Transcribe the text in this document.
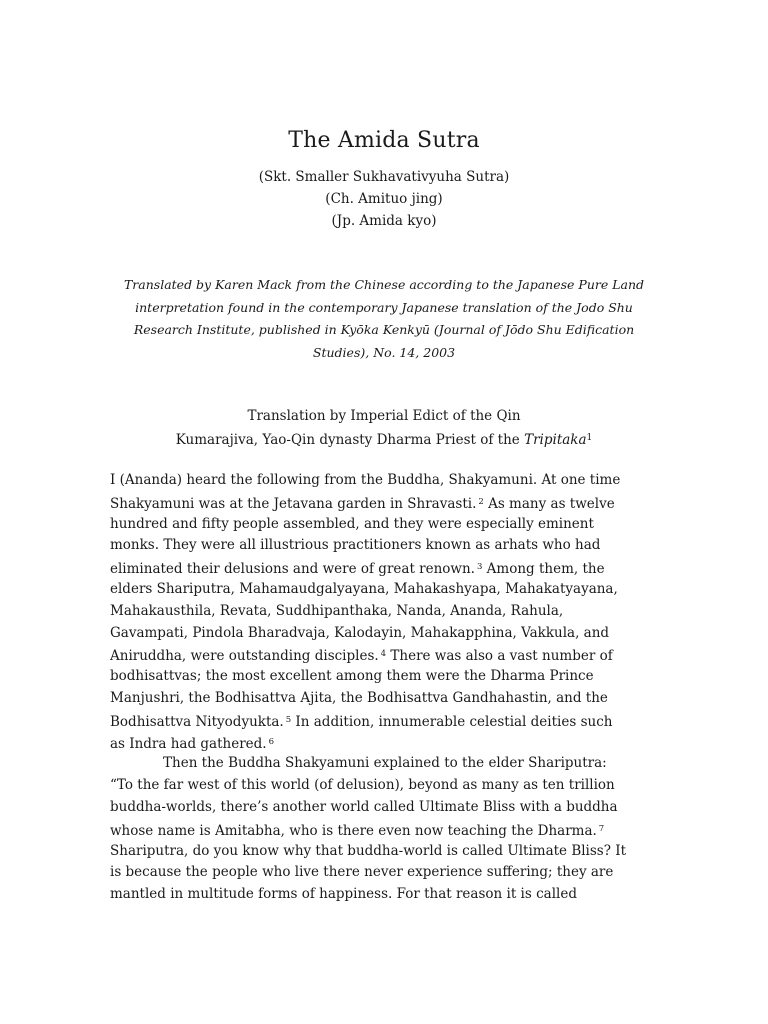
The Amida Sutra
(Skt. Smaller Sukhavativyuha Sutra)
(Ch. Amituo jing)
(Jp. Amida kyo)
Translated by Karen Mack from the Chinese according to the Japanese Pure Land
interpretation found in the contemporary Japanese translation of the Jodo Shu
Research Institute, published in Kyōka Kenkyū (Journal of Jōdo Shu Edification
Studies), No. 14, 2003
Translation by Imperial Edict of the Qin
Kumarajiva, Yao-Qin dynasty Dharma Priest of the Tripitaka$^1$
I (Ananda) heard the following from the Buddha, Shakyamuni. At one time
Shakyamuni was at the Jetavana garden in Shravasti. $^2$ As many as twelve
hundred and fifty people assembled, and they were especially eminent
monks. They were all illustrious practitioners known as arhats who had
eliminated their delusions and were of great renown. $^3$ Among them, the
elders Shariputra, Mahamaudgalyayana, Mahakashyapa, Mahakatyayana,
Mahakausthila, Revata, Suddhipanthaka, Nanda, Ananda, Rahula,
Gavampati, Pindola Bharadvaja, Kalodayin, Mahakapphina, Vakkula, and
Aniruddha, were outstanding disciples. $^4$ There was also a vast number of
bodhisattvas; the most excellent among them were the Dharma Prince
Manjushri, the Bodhisattva Ajita, the Bodhisattva Gandhahastin, and the
Bodhisattva Nityodyukta. $^5$ In addition, innumerable celestial deities such
as Indra had gathered. $^6$
Then the Buddha Shakyamuni explained to the elder Shariputra:
“To the far west of this world (of delusion), beyond as many as ten trillion
buddha-worlds, there’s another world called Ultimate Bliss with a buddha
whose name is Amitabha, who is there even now teaching the Dharma. $^7$
Shariputra, do you know why that buddha-world is called Ultimate Bliss? It
is because the people who live there never experience suffering; they are
mantled in multitude forms of happiness. For that reason it is called
